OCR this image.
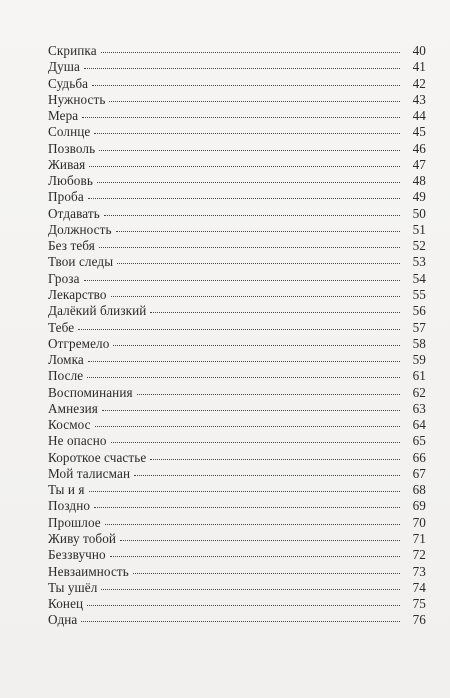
Скрипка	40
Душа	41
Судьба	42
Нужность	43
Мера	44
Солнце	45
Позволь	46
Живая	47
Любовь	48
Проба	49
Отдавать	50
Должность	51
Без тебя	52
Твои следы	53
Гроза	54
Лекарство	55
Далёкий близкий	56
Тебе	57
Отгремело	58
Ломка	59
После	61
Воспоминания	62
Амнезия	63
Космос	64
Не опасно	65
Короткое счастье	66
Мой талисман	67
Ты и я	68
Поздно	69
Прошлое	70
Живу тобой	71
Беззвучно	72
Невзаимность	73
Ты ушёл	74
Конец	75
Одна	76
